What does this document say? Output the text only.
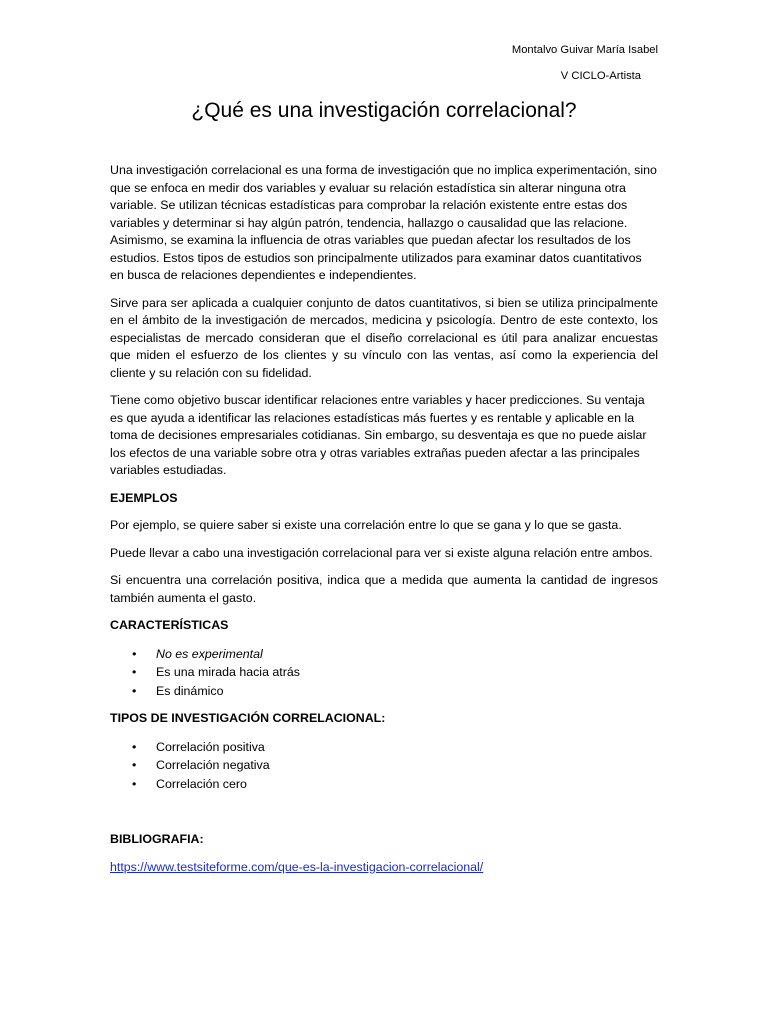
Montalvo Guivar María Isabel
V CICLO-Artista
¿Qué es una investigación correlacional?

Una investigación correlacional es una forma de investigación que no implica experimentación, sino que se enfoca en medir dos variables y evaluar su relación estadística sin alterar ninguna otra variable. Se utilizan técnicas estadísticas para comprobar la relación existente entre estas dos variables y determinar si hay algún patrón, tendencia, hallazgo o causalidad que las relacione. Asimismo, se examina la influencia de otras variables que puedan afectar los resultados de los estudios. Estos tipos de estudios son principalmente utilizados para examinar datos cuantitativos en busca de relaciones dependientes e independientes.

Sirve para ser aplicada a cualquier conjunto de datos cuantitativos, si bien se utiliza principalmente en el ámbito de la investigación de mercados, medicina y psicología. Dentro de este contexto, los especialistas de mercado consideran que el diseño correlacional es útil para analizar encuestas que miden el esfuerzo de los clientes y su vínculo con las ventas, así como la experiencia del cliente y su relación con su fidelidad.

Tiene como objetivo buscar identificar relaciones entre variables y hacer predicciones. Su ventaja es que ayuda a identificar las relaciones estadísticas más fuertes y es rentable y aplicable en la toma de decisiones empresariales cotidianas. Sin embargo, su desventaja es que no puede aislar los efectos de una variable sobre otra y otras variables extrañas pueden afectar a las principales variables estudiadas.

EJEMPLOS

Por ejemplo, se quiere saber si existe una correlación entre lo que se gana y lo que se gasta.

Puede llevar a cabo una investigación correlacional para ver si existe alguna relación entre ambos.

Si encuentra una correlación positiva, indica que a medida que aumenta la cantidad de ingresos también aumenta el gasto.

CARACTERÍSTICAS
• No es experimental
• Es una mirada hacia atrás
• Es dinámico
TIPOS DE INVESTIGACIÓN CORRELACIONAL:
• Correlación positiva
• Correlación negativa
• Correlación cero
BIBLIOGRAFIA:

https://www.testsiteforme.com/que-es-la-investigacion-correlacional/
